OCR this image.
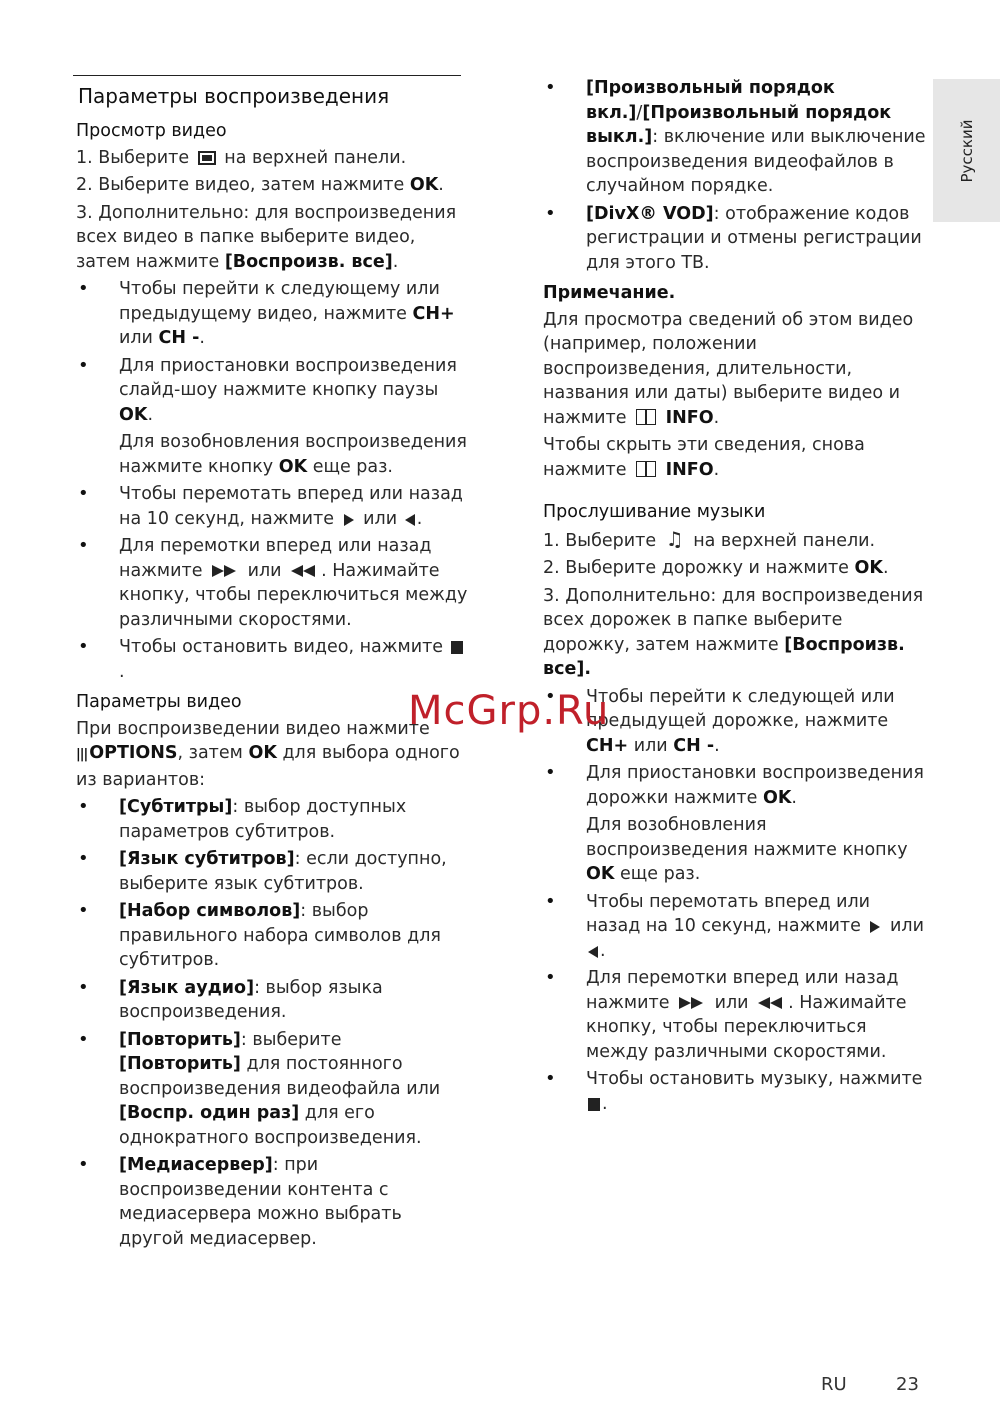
Параметры воспроизведения
Просмотр видео

1. Выберите на верхней панели.

2. Выберите видео, затем нажмите OK.

3. Дополнительно: для воспроизведения всех видео в папке выберите видео, затем нажмите [Воспроизв. все].

• Чтобы перейти к следующему или предыдущему видео, нажмите CH+ или CH -.
• Для приостановки воспроизведения слайд-шоу нажмите кнопку паузы OK.
Для возобновления воспроизведения нажмите кнопку OK еще раз.
• Чтобы перемотать вперед или назад на 10 секунд, нажмите или .
• Для перемотки вперед или назад нажмите	или . Нажимайте кнопку, чтобы переключиться между различными скоростями.
• Чтобы остановить видео, нажмите .
Параметры видео

При воспроизведении видео нажмите ||| OPTIONS, затем OK для выбора одного из вариантов:

• [Субтитры]: выбор доступных параметров субтитров.
• [Язык субтитров]: если доступно, выберите язык субтитров.
• [Набор символов]: выбор правильного набора символов для субтитров.
• [Язык аудио]: выбор языка воспроизведения.
• [Повторить]: выберите [Повторить] для постоянного воспроизведения видеофайла или [Воспр. один раз] для его однократного воспроизведения.
• [Медиасервер]: при воспроизведении контента с медиасервера можно выбрать другой медиасервер.
• [Произвольный порядок вкл.]/[Произвольный порядок выкл.]: включение или выключение воспроизведения видеофайлов в случайном порядке.
• [DivX® VOD]: отображение кодов регистрации и отмены регистрации для этого ТВ.
Примечание.

Для просмотра сведений об этом видео (например, положении воспроизведения, длительности, названия или даты) выберите видео и нажмите INFO.

Чтобы скрыть эти сведения, снова нажмите INFO.

Прослушивание музыки

1. Выберите ♫ на верхней панели.

2. Выберите дорожку и нажмите OK.

3. Дополнительно: для воспроизведения всех дорожек в папке выберите дорожку, затем нажмите [Воспроизв. все].

• Чтобы перейти к следующей или предыдущей дорожке, нажмите CH+ или CH -.
• Для приостановки воспроизведения дорожки нажмите OK.
Для возобновления воспроизведения нажмите кнопку OK еще раз.
• Чтобы перемотать вперед или назад на 10 секунд, нажмите или .
• Для перемотки вперед или назад нажмите	или . Нажимайте кнопку, чтобы переключиться между различными скоростями.
• Чтобы остановить музыку, нажмите .
Русский
McGrp.Ru
RU	23
